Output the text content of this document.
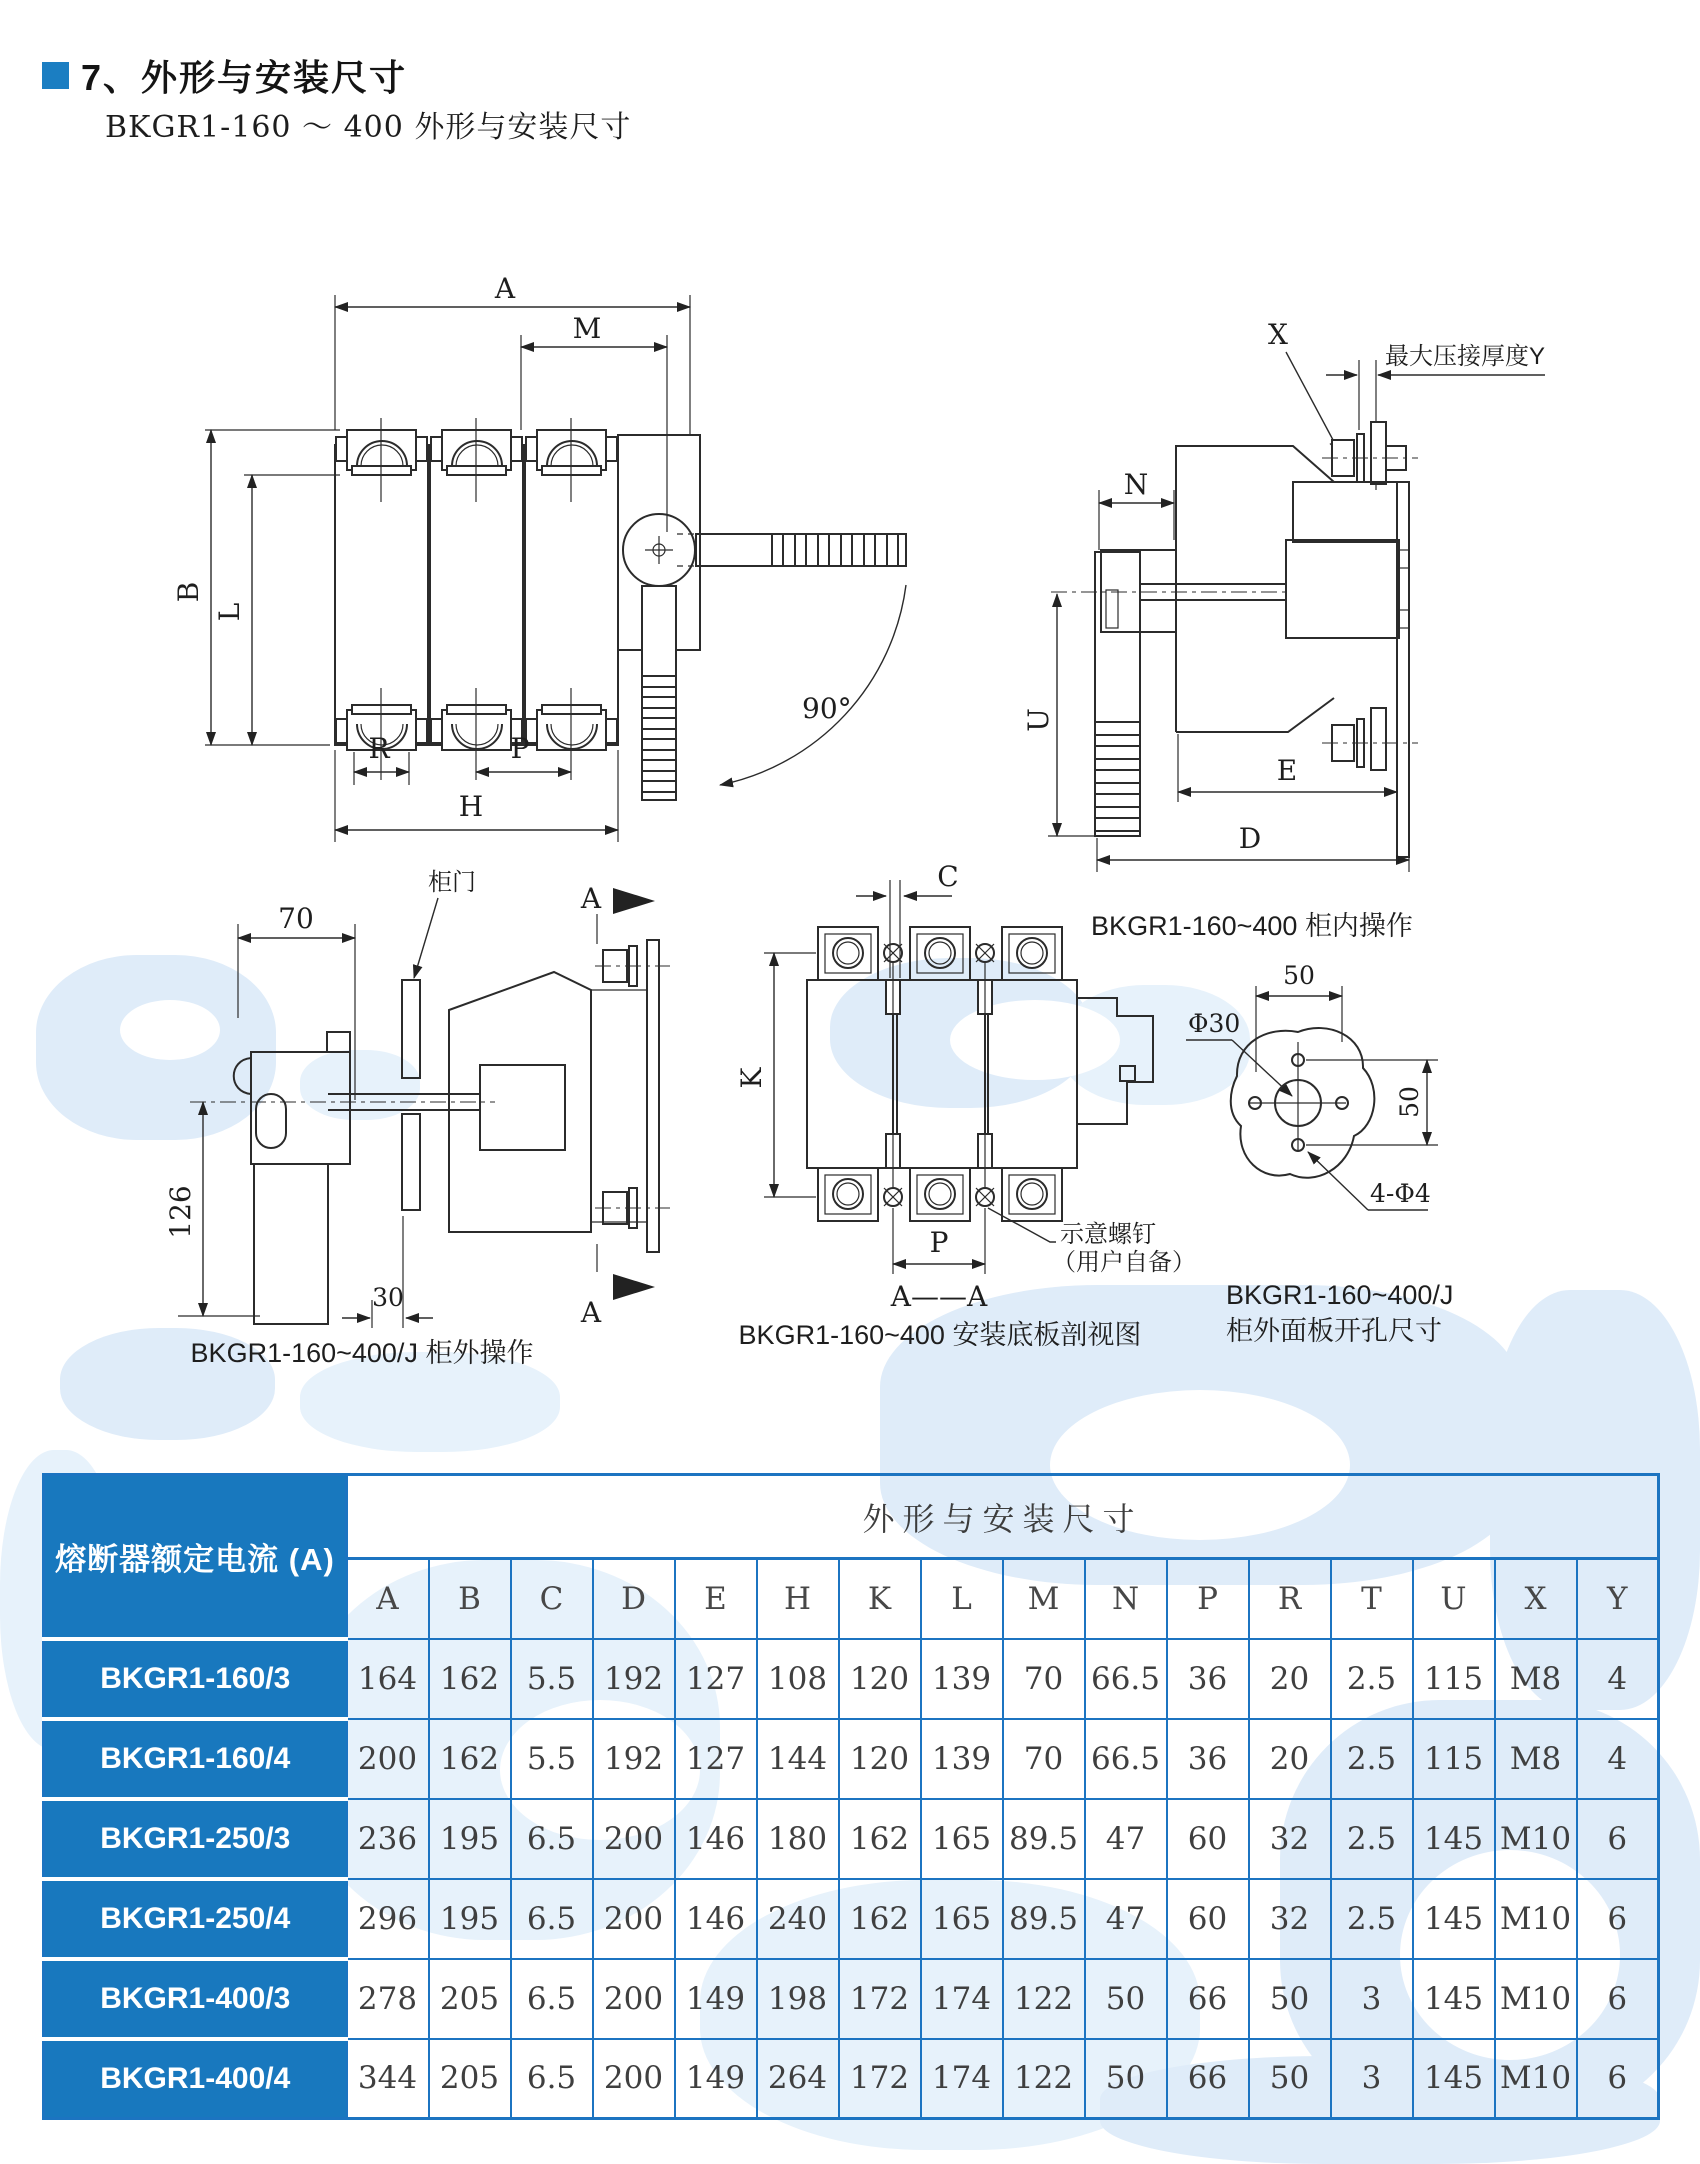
7、外形与安装尺寸
BKGR1-160 ～ 400 外形与安装尺寸
A
M
B
L
R	P
H
90°
X
最大压接厚度Y
N
U
E
D
BKGR1-160~400 柜内操作
70
柜门	A
A
126
30
BKGR1-160~400/J 柜外操作
C
K
P	示意螺钉
（用户自备）
A——A
BKGR1-160~400 安装底板剖视图
50
Φ30
50
4-Φ4
BKGR1-160~400/J
柜外面板开孔尺寸
熔断器额定电流 (A)	外形与安装尺寸															
	A	B	C	D	E	H	K	L	M	N	P	R	T	U	X	Y
BKGR1-160/3	164	162	5.5	192	127	108	120	139	70	66.5	36	20	2.5	115	M8	4
BKGR1-160/4	200	162	5.5	192	127	144	120	139	70	66.5	36	20	2.5	115	M8	4
BKGR1-250/3	236	195	6.5	200	146	180	162	165	89.5	47	60	32	2.5	145	M10	6
BKGR1-250/4	296	195	6.5	200	146	240	162	165	89.5	47	60	32	2.5	145	M10	6
BKGR1-400/3	278	205	6.5	200	149	198	172	174	122	50	66	50	3	145	M10	6
BKGR1-400/4	344	205	6.5	200	149	264	172	174	122	50	66	50	3	145	M10	6
